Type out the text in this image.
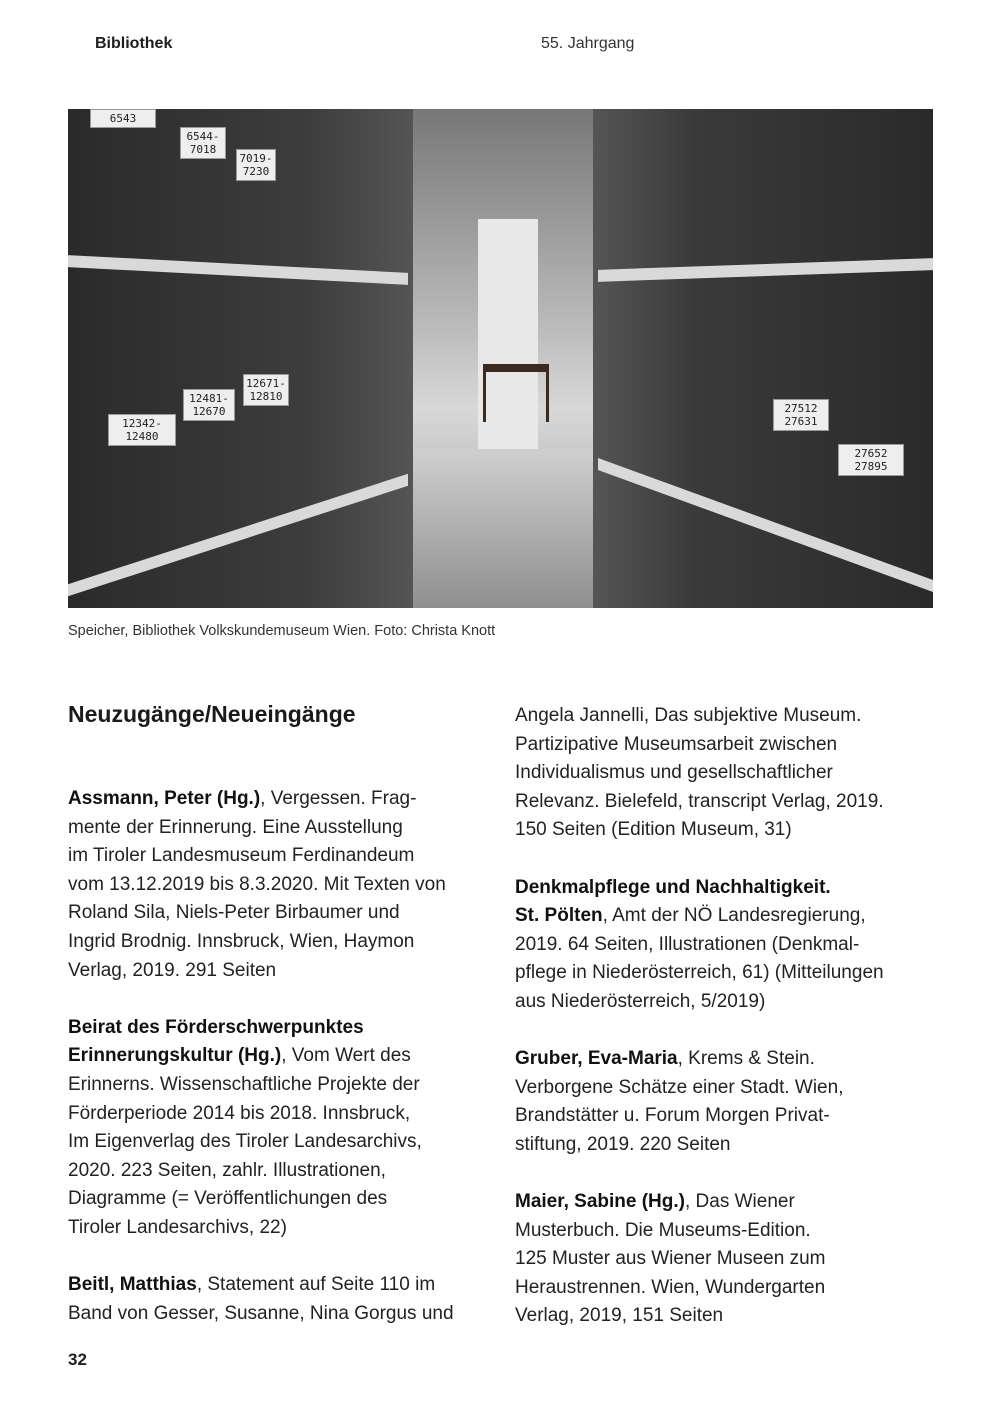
Bibliothek	55. Jahrgang
6543
6544-7018
7019-7230
12342-12480
12481-12670
12671-12810
27512 27631
27652 27895
Speicher, Bibliothek Volkskundemuseum Wien. Foto: Christa Knott
Neuzugänge/Neueingänge
Assmann, Peter (Hg.), Vergessen. Frag-
mente der Erinnerung. Eine Ausstellung
im Tiroler Landesmuseum Ferdinandeum
vom 13.12.2019 bis 8.3.2020. Mit Texten von
Roland Sila, Niels-Peter Birbaumer und
Ingrid Brodnig. Innsbruck, Wien, Haymon
Verlag, 2019. 291 Seiten
Beirat des Förderschwerpunktes
Erinnerungskultur (Hg.), Vom Wert des
Erinnerns. Wissenschaftliche Projekte der
Förderperiode 2014 bis 2018. Innsbruck,
Im Eigenverlag des Tiroler Landesarchivs,
2020. 223 Seiten, zahlr. Illustrationen,
Diagramme (= Veröffentlichungen des
Tiroler Landesarchivs, 22)
Beitl, Matthias, Statement auf Seite 110 im
Band von Gesser, Susanne, Nina Gorgus und
Angela Jannelli, Das subjektive Museum.
Partizipative Museumsarbeit zwischen
Individualismus und gesellschaftlicher
Relevanz. Bielefeld, transcript Verlag, 2019.
150 Seiten (Edition Museum, 31)
Denkmalpflege und Nachhaltigkeit.
St. Pölten, Amt der NÖ Landesregierung,
2019. 64 Seiten, Illustrationen (Denkmal-
pflege in Niederösterreich, 61) (Mitteilungen
aus Niederösterreich, 5/2019)
Gruber, Eva-Maria, Krems & Stein.
Verborgene Schätze einer Stadt. Wien,
Brandstätter u. Forum Morgen Privat-
stiftung, 2019. 220 Seiten
Maier, Sabine (Hg.), Das Wiener
Musterbuch. Die Museums-Edition.
125 Muster aus Wiener Museen zum
Heraustrennen. Wien, Wundergarten
Verlag, 2019, 151 Seiten
32
